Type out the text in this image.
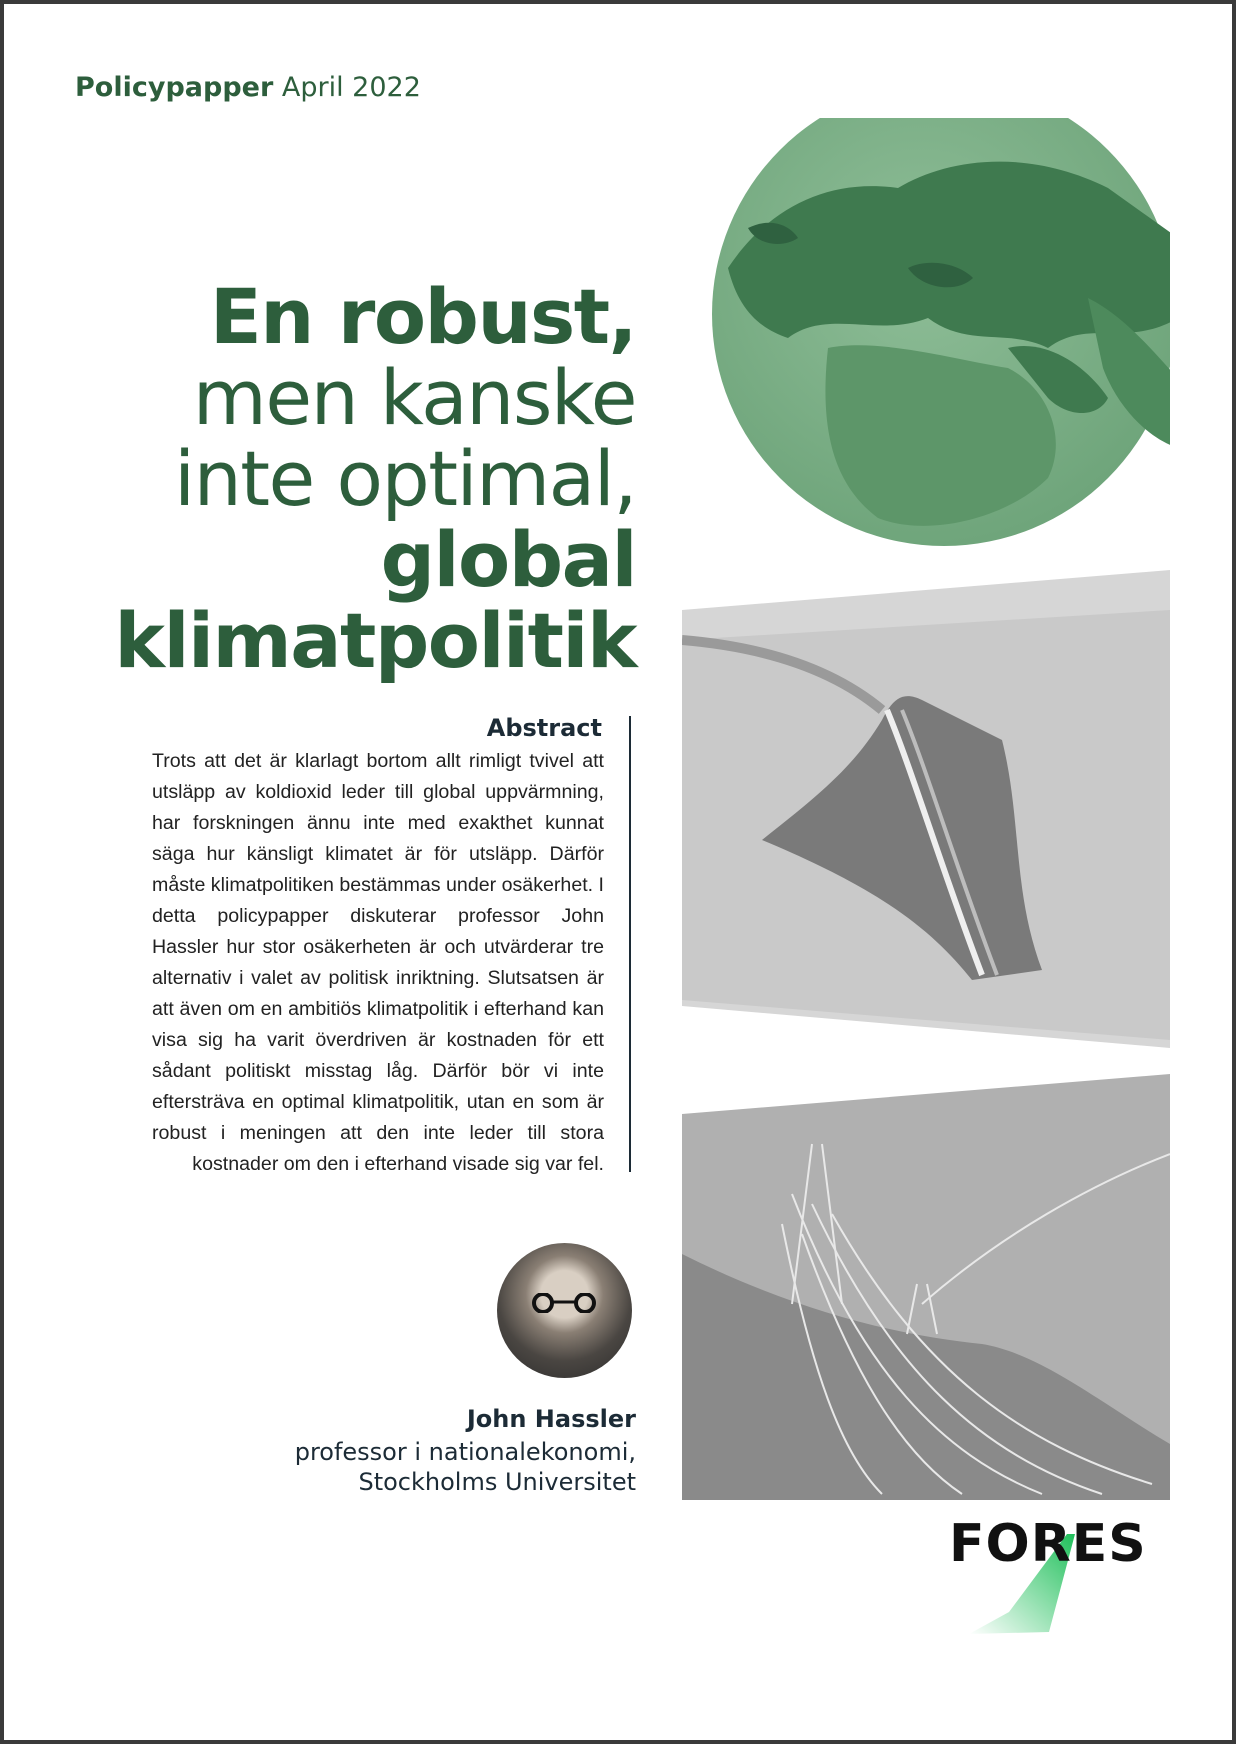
Policypapper April 2022
En robust,
men kanske
inte optimal,
global
klimatpolitik
Abstract
Trots att det är klarlagt bortom allt rimligt tvivel att utsläpp av koldioxid leder till global uppvärmning, har forskningen ännu inte med exakthet kunnat säga hur känsligt klimatet är för utsläpp. Därför måste klimatpolitiken bestämmas under osäkerhet. I detta policypapper diskuterar professor John Hassler hur stor osäkerheten är och utvärderar tre alternativ i valet av politisk inriktning. Slutsatsen är att även om en ambitiös klimatpolitik i efterhand kan visa sig ha varit överdriven är kostnaden för ett sådant politiskt misstag låg. Därför bör vi inte eftersträva en optimal klimatpolitik, utan en som är robust i meningen att den inte leder till stora kostnader om den i efterhand visade sig var fel.
John Hassler
professor i nationalekonomi,
Stockholms Universitet
FORES
